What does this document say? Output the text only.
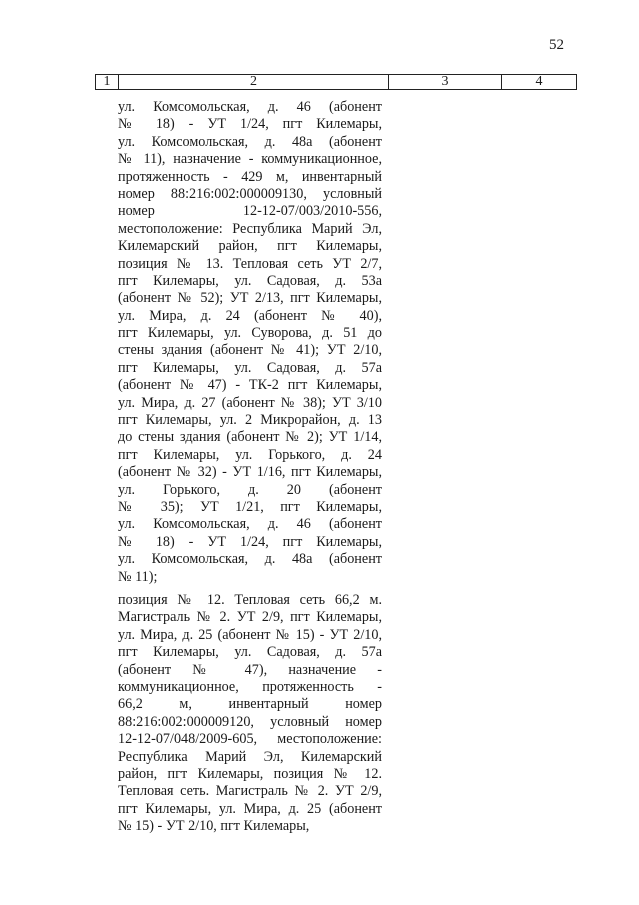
52
1	2	3	4
ул. Комсомольская, д. 46 (абонент
№ 18) - УТ 1/24, пгт Килемары,
ул. Комсомольская, д. 48а (абонент
№ 11), назначение - коммуникационное,
протяженность - 429 м, инвентарный
номер 88:216:002:000009130, условный
номер 12-12-07/003/2010-556,
местоположение: Республика Марий Эл,
Килемарский район, пгт Килемары,
позиция № 13. Тепловая сеть УТ 2/7,
пгт Килемары, ул. Садовая, д. 53а
(абонент № 52); УТ 2/13, пгт Килемары,
ул. Мира, д. 24 (абонент № 40),
пгт Килемары, ул. Суворова, д. 51 до
стены здания (абонент № 41); УТ 2/10,
пгт Килемары, ул. Садовая, д. 57а
(абонент № 47) - ТК-2 пгт Килемары,
ул. Мира, д. 27 (абонент № 38); УТ 3/10
пгт Килемары, ул. 2 Микрорайон, д. 13
до стены здания (абонент № 2); УТ 1/14,
пгт Килемары, ул. Горького, д. 24
(абонент № 32) - УТ 1/16, пгт Килемары,
ул. Горького, д. 20 (абонент
№ 35); УТ 1/21, пгт Килемары,
ул. Комсомольская, д. 46 (абонент
№ 18) - УТ 1/24, пгт Килемары,
ул. Комсомольская, д. 48а (абонент
№ 11);
позиция № 12. Тепловая сеть 66,2 м.
Магистраль № 2. УТ 2/9, пгт Килемары,
ул. Мира, д. 25 (абонент № 15) - УТ 2/10,
пгт Килемары, ул. Садовая, д. 57а
(абонент № 47), назначение -
коммуникационное, протяженность -
66,2 м, инвентарный номер
88:216:002:000009120, условный номер
12-12-07/048/2009-605, местоположение:
Республика Марий Эл, Килемарский
район, пгт Килемары, позиция № 12.
Тепловая сеть. Магистраль № 2. УТ 2/9,
пгт Килемары, ул. Мира, д. 25 (абонент
№ 15) - УТ 2/10, пгт Килемары,
